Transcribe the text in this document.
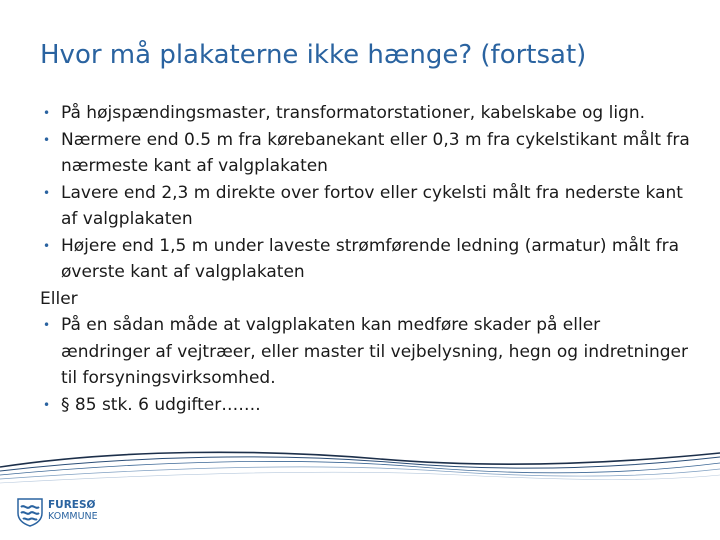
Hvor må plakaterne ikke hænge? (fortsat)
• På højspændingsmaster, transformatorstationer, kabelskabe og lign.
• Nærmere end 0.5 m fra kørebanekant eller 0,3 m fra cykelstikant målt fra nærmeste kant af valgplakaten
• Lavere end 2,3 m direkte over fortov eller cykelsti målt fra nederste kant af valgplakaten
• Højere end 1,5 m under laveste strømførende ledning (armatur) målt fra øverste kant af valgplakaten
Eller
• På en sådan måde at valgplakaten kan medføre skader på eller ændringer af vejtræer, eller master til vejbelysning, hegn og indretninger til forsyningsvirksomhed.
• § 85 stk. 6 udgifter…….
FURESØ
KOMMUNE
